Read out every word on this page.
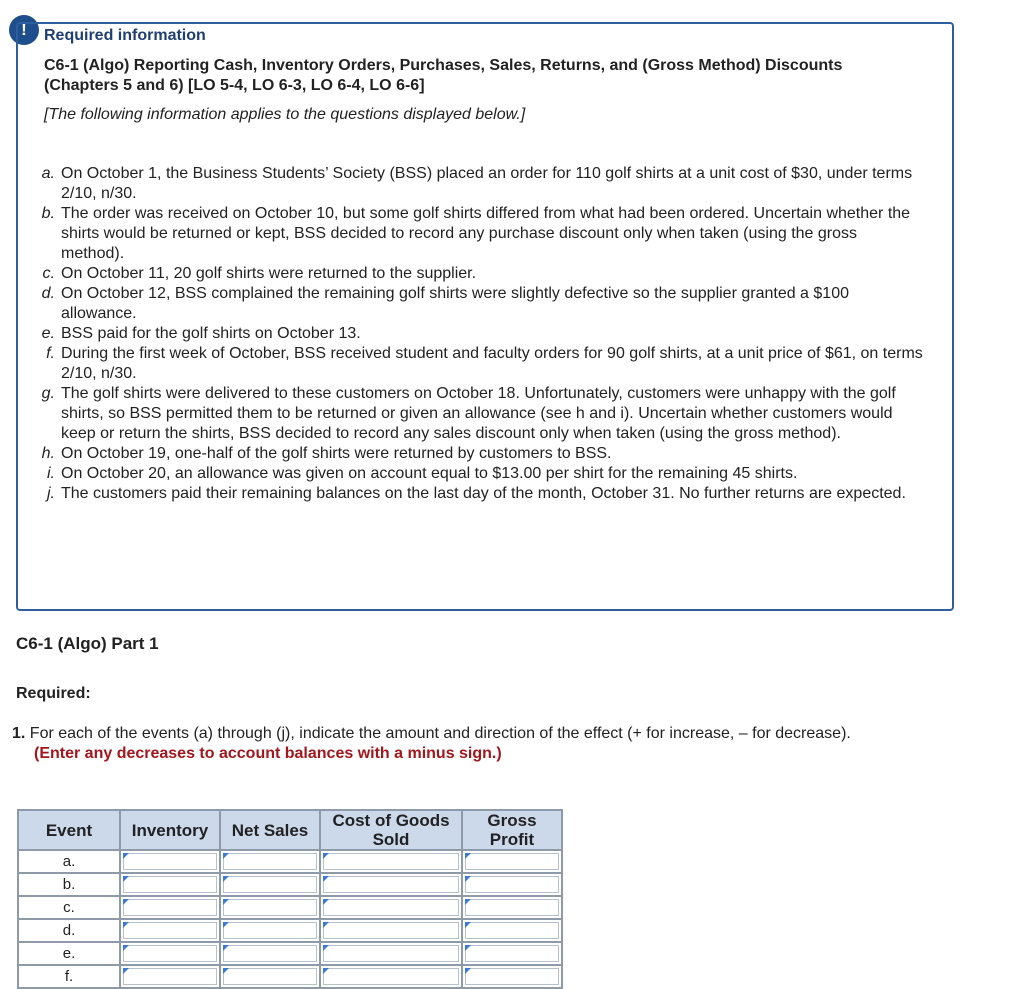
!	Required information
C6-1 (Algo) Reporting Cash, Inventory Orders, Purchases, Sales, Returns, and (Gross Method) Discounts (Chapters 5 and 6) [LO 5-4, LO 6-3, LO 6-4, LO 6-6]
[The following information applies to the questions displayed below.]
a. On October 1, the Business Students’ Society (BSS) placed an order for 110 golf shirts at a unit cost of $30, under terms 2/10, n/30.
b. The order was received on October 10, but some golf shirts differed from what had been ordered. Uncertain whether the shirts would be returned or kept, BSS decided to record any purchase discount only when taken (using the gross method).
c. On October 11, 20 golf shirts were returned to the supplier.
d. On October 12, BSS complained the remaining golf shirts were slightly defective so the supplier granted a $100 allowance.
e. BSS paid for the golf shirts on October 13.
f. During the first week of October, BSS received student and faculty orders for 90 golf shirts, at a unit price of $61, on terms 2/10, n/30.
g. The golf shirts were delivered to these customers on October 18. Unfortunately, customers were unhappy with the golf shirts, so BSS permitted them to be returned or given an allowance (see h and i). Uncertain whether customers would keep or return the shirts, BSS decided to record any sales discount only when taken (using the gross method).
h. On October 19, one-half of the golf shirts were returned by customers to BSS.
i. On October 20, an allowance was given on account equal to $13.00 per shirt for the remaining 45 shirts.
j. The customers paid their remaining balances on the last day of the month, October 31. No further returns are expected.
C6-1 (Algo) Part 1
Required:
1. For each of the events (a) through (j), indicate the amount and direction of the effect (+ for increase, – for decrease).
(Enter any decreases to account balances with a minus sign.)
Event	Inventory	Net Sales	Cost of Goods Sold	Gross Profit
a.	

b.	

c.	

d.	

e.	

f.	
